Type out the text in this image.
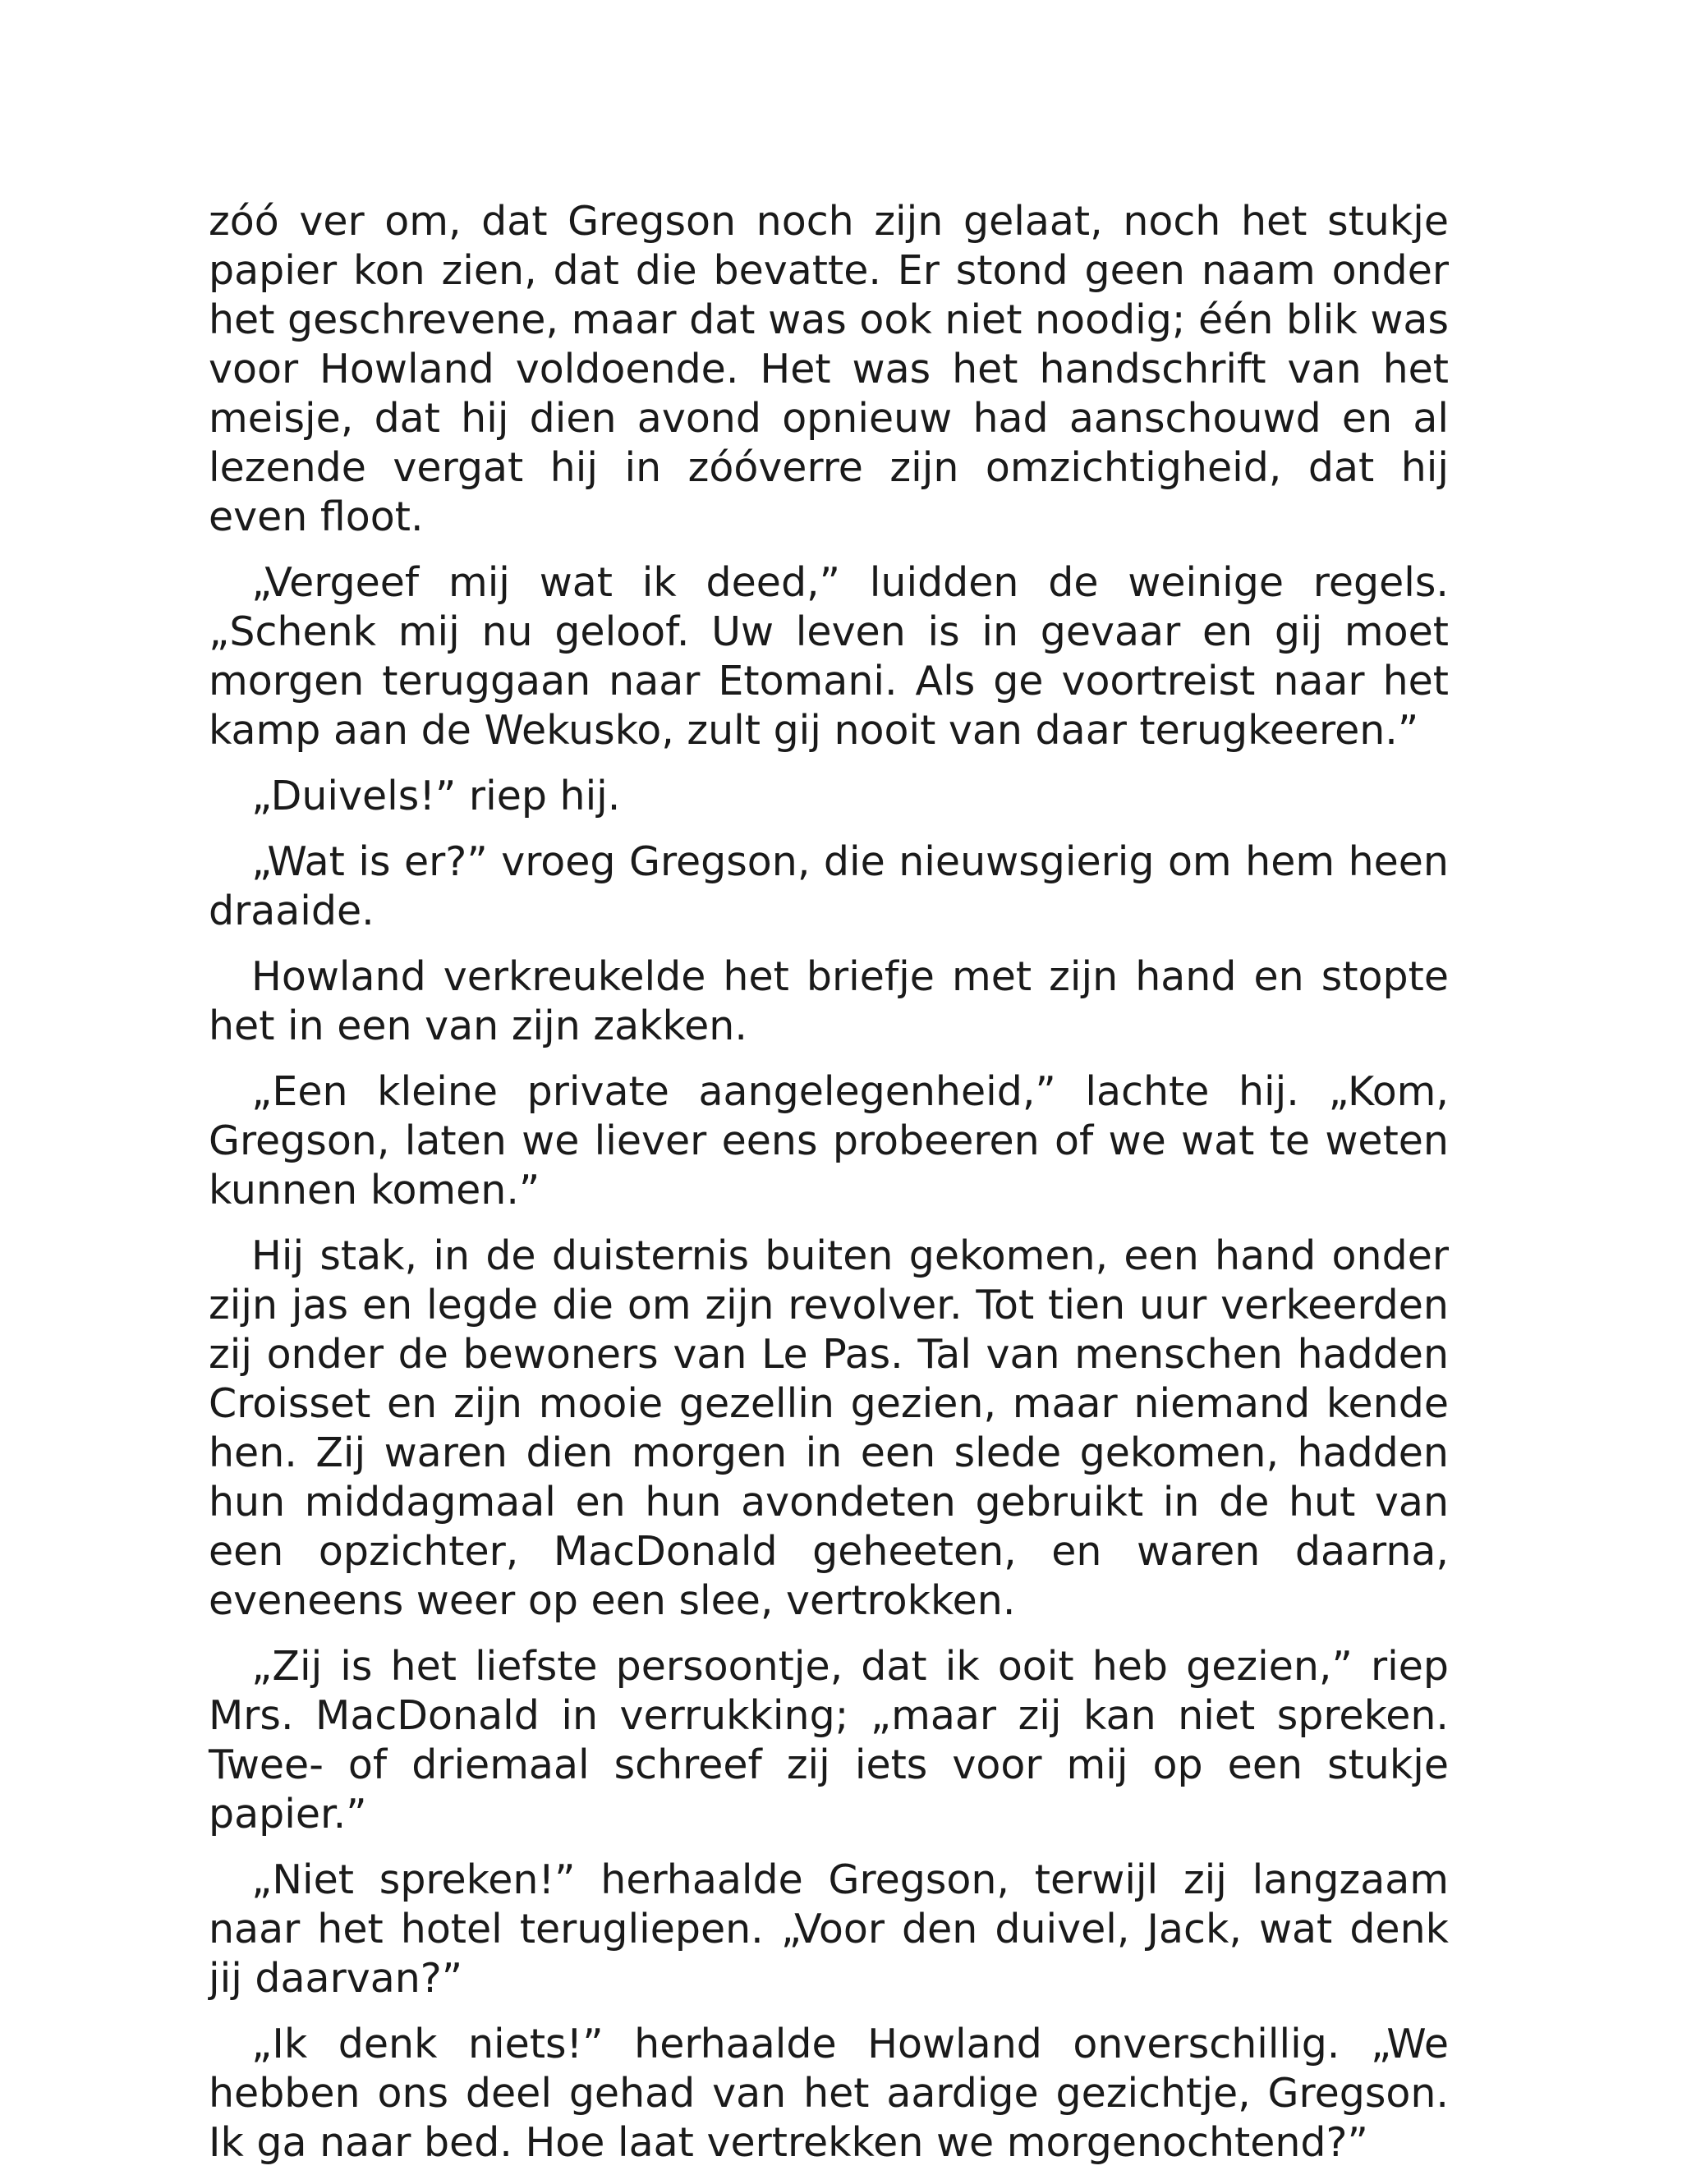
zóó ver om, dat Gregson noch zijn gelaat, noch het stukje papier kon zien, dat die bevatte. Er stond geen naam onder het geschrevene, maar dat was ook niet noodig; één blik was voor Howland voldoende. Het was het handschrift van het meisje, dat hij dien avond opnieuw had aanschouwd en al lezende vergat hij in zóóverre zijn omzichtigheid, dat hij even floot.

„Vergeef mij wat ik deed,” luidden de weinige regels. „Schenk mij nu geloof. Uw leven is in gevaar en gij moet morgen teruggaan naar Etomani. Als ge voortreist naar het kamp aan de Wekusko, zult gij nooit van daar terugkeeren.”

„Duivels!” riep hij.

„Wat is er?” vroeg Gregson, die nieuwsgierig om hem heen draaide.

Howland verkreukelde het briefje met zijn hand en stopte het in een van zijn zakken.

„Een kleine private aangelegenheid,” lachte hij. „Kom, Gregson, laten we liever eens probeeren of we wat te weten kunnen komen.”

Hij stak, in de duisternis buiten gekomen, een hand onder zijn jas en legde die om zijn revolver. Tot tien uur verkeerden zij onder de bewoners van Le Pas. Tal van menschen hadden Croisset en zijn mooie gezellin gezien, maar niemand kende hen. Zij waren dien morgen in een slede gekomen, hadden hun middagmaal en hun avondeten gebruikt in de hut van een opzichter, MacDonald geheeten, en waren daarna, eveneens weer op een slee, vertrokken.

„Zij is het liefste persoontje, dat ik ooit heb gezien,” riep Mrs. MacDonald in verrukking; „maar zij kan niet spreken. Twee- of driemaal schreef zij iets voor mij op een stukje papier.”

„Niet spreken!” herhaalde Gregson, terwijl zij langzaam naar het hotel terugliepen. „Voor den duivel, Jack, wat denk jij daarvan?”

„Ik denk niets!” herhaalde Howland onverschillig. „We hebben ons deel gehad van het aardige gezichtje, Gregson. Ik ga naar bed. Hoe laat vertrekken we morgenochtend?”
